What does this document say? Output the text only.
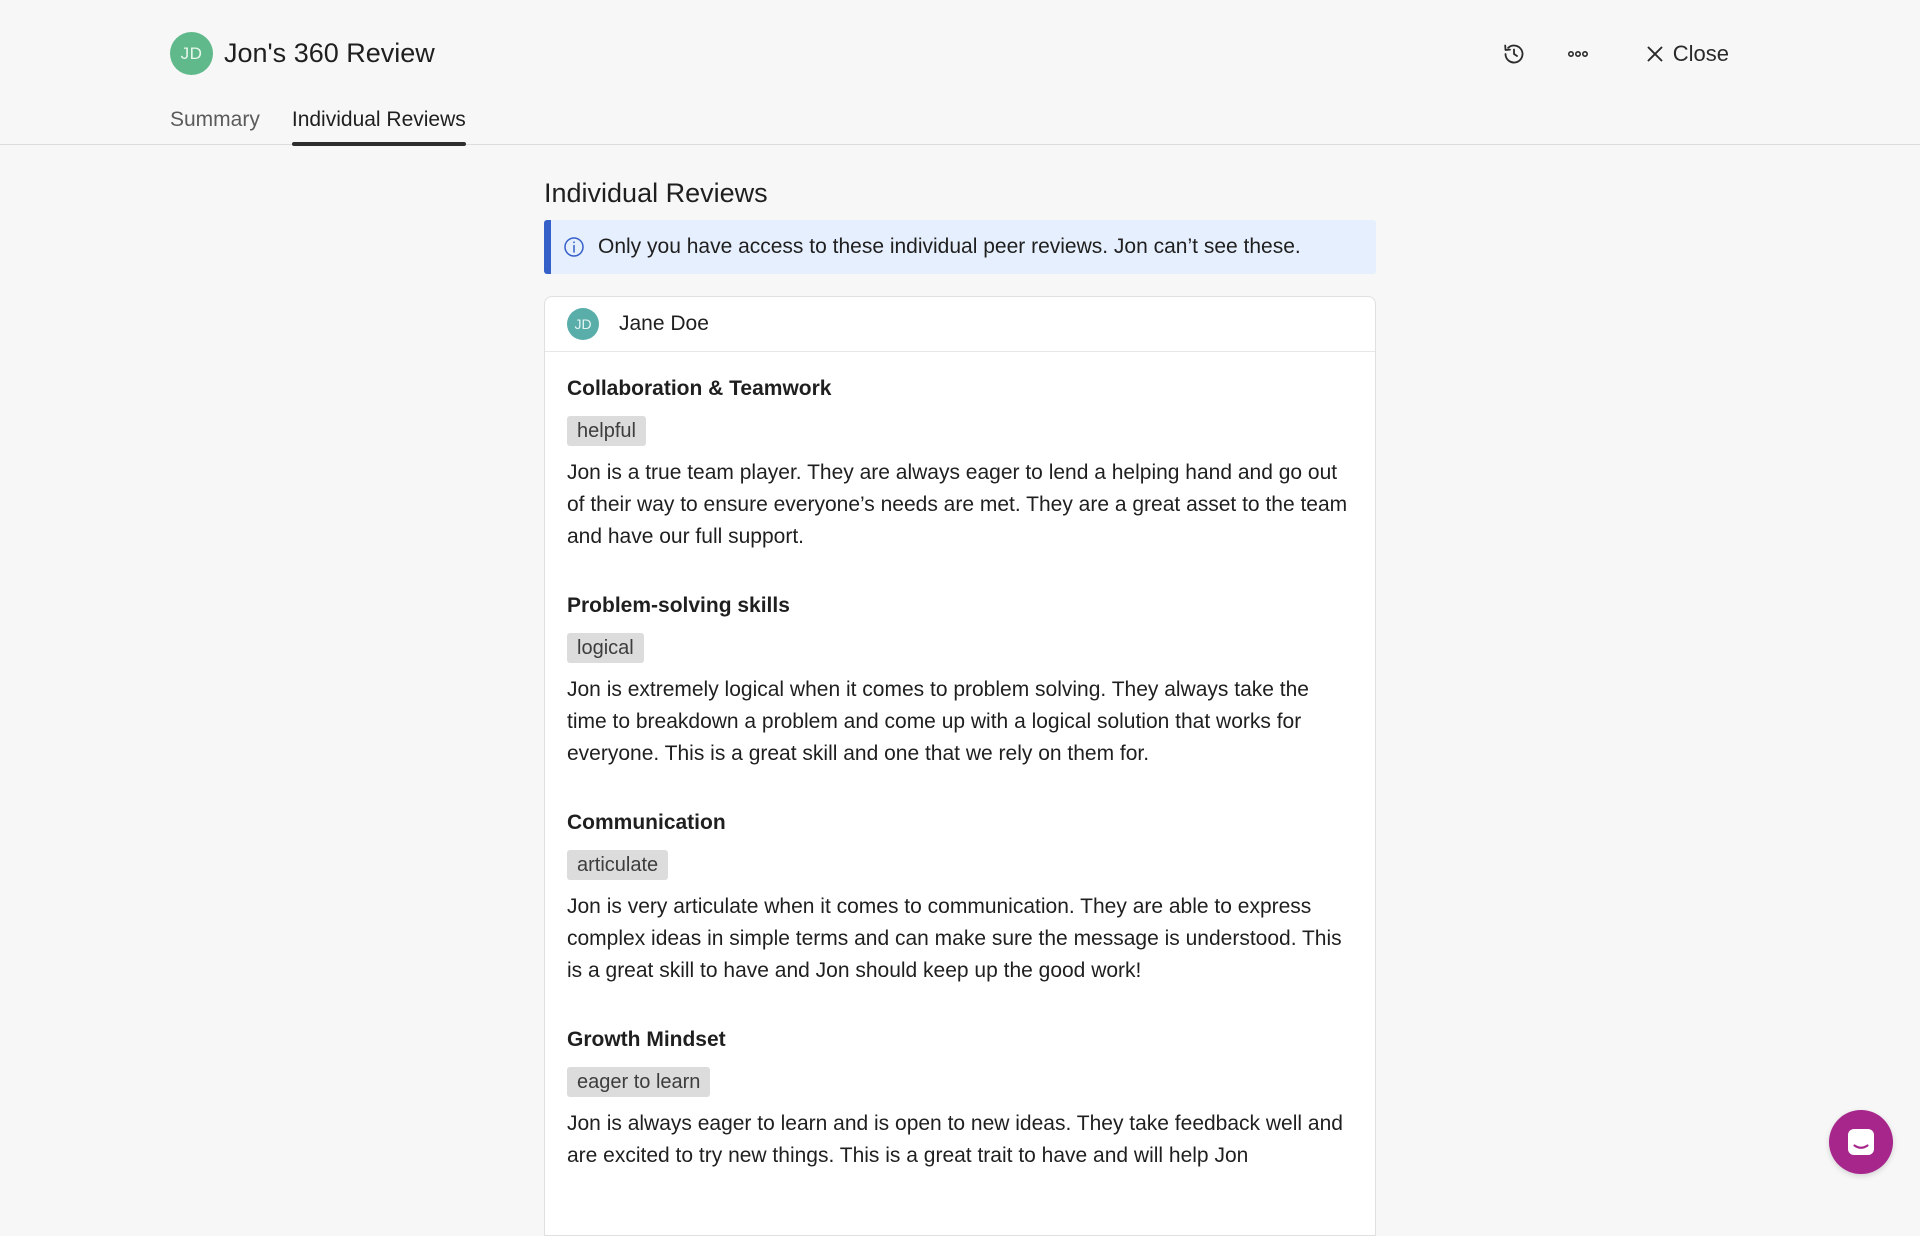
JD Jon's 360 Review	Close
Summary Individual Reviews
Individual Reviews
Only you have access to these individual peer reviews. Jon can’t see these.
JD	Jane Doe
Collaboration & Teamwork
helpful

Jon is a true team player. They are always eager to lend a helping hand and go out of their way to ensure everyone’s needs are met. They are a great asset to the team and have our full support.

Problem-solving skills
logical

Jon is extremely logical when it comes to problem solving. They always take the time to breakdown a problem and come up with a logical solution that works for everyone. This is a great skill and one that we rely on them for.

Communication
articulate

Jon is very articulate when it comes to communication. They are able to express complex ideas in simple terms and can make sure the message is understood. This is a great skill to have and Jon should keep up the good work!

Growth Mindset
eager to learn

Jon is always eager to learn and is open to new ideas. They take feedback well and are excited to try new things. This is a great trait to have and will help Jon
